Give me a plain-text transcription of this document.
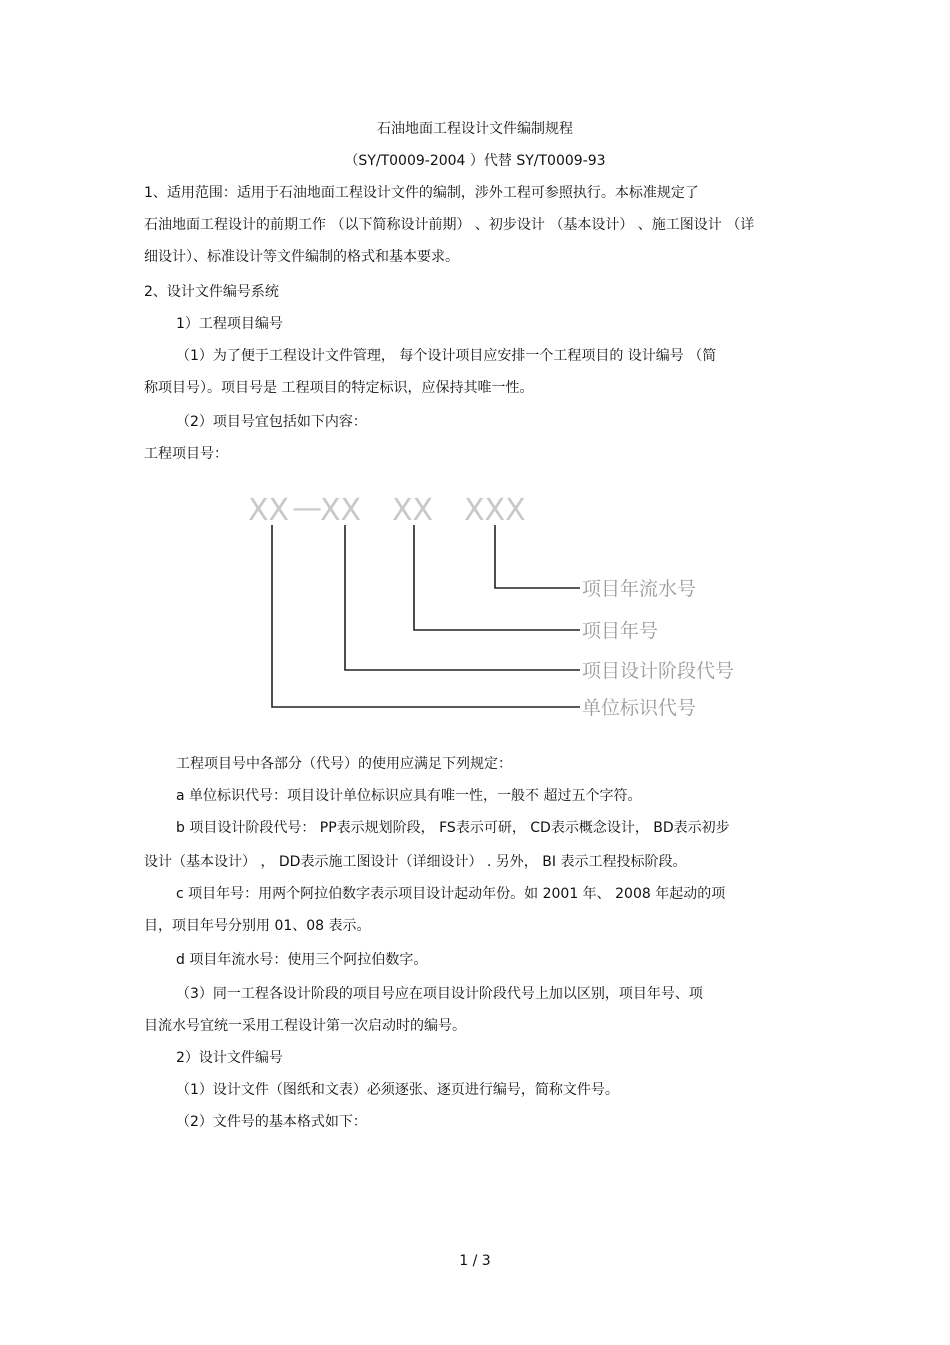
石油地面工程设计文件编制规程
（SY/T0009-2004 ）代替 SY/T0009-93
1、适用范围：适用于石油地面工程设计文件的编制，涉外工程可参照执行。本标准规定了
石油地面工程设计的前期工作 （以下简称设计前期） 、初步设计 （基本设计） 、施工图设计 （详
细设计）、标准设计等文件编制的格式和基本要求。
2、设计文件编号系统
1）工程项目编号
（1）为了便于工程设计文件管理， 每个设计项目应安排一个工程项目的 设计编号 （简
称项目号）。项目号是 工程项目的特定标识，应保持其唯一性。
（2）项目号宜包括如下内容：
工程项目号：
XX —
XX XX XXX
项目年流水号
项目年号
项目设计阶段代号
单位标识代号
工程项目号中各部分（代号）的使用应满足下列规定：
a 单位标识代号：项目设计单位标识应具有唯一性，一般不 超过五个字符。
b 项目设计阶段代号： PP表示规划阶段， FS表示可研， CD表示概念设计， BD表示初步
设计（基本设计） ， DD表示施工图设计（详细设计） . 另外， BI 表示工程投标阶段。
c 项目年号：用两个阿拉伯数字表示项目设计起动年份。如 2001 年、 2008 年起动的项
目，项目年号分别用 01、08 表示。
d 项目年流水号：使用三个阿拉伯数字。
（3）同一工程各设计阶段的项目号应在项目设计阶段代号上加以区别，项目年号、项
目流水号宜统一采用工程设计第一次启动时的编号。
2）设计文件编号
（1）设计文件（图纸和文表）必须逐张、逐页进行编号，简称文件号。
（2）文件号的基本格式如下：
1 / 3
